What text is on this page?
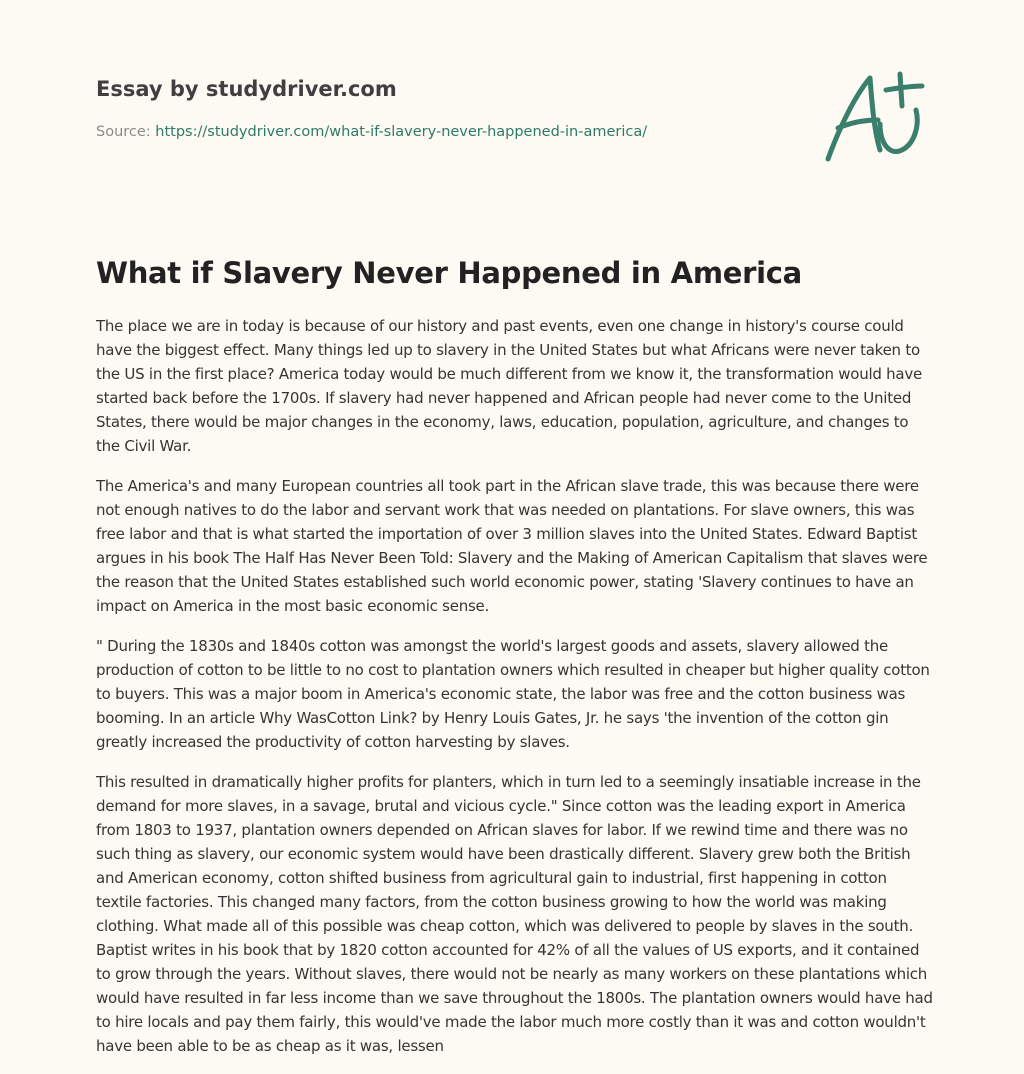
Essay by studydriver.com
Source: https://studydriver.com/what-if-slavery-never-happened-in-america/
A+
What if Slavery Never Happened in America

The place we are in today is because of our history and past events, even one change in history's course could have the biggest effect. Many things led up to slavery in the United States but what Africans were never taken to the US in the first place? America today would be much different from we know it, the transformation would have started back before the 1700s. If slavery had never happened and African people had never come to the United States, there would be major changes in the economy, laws, education, population, agriculture, and changes to the Civil War.

The America's and many European countries all took part in the African slave trade, this was because there were not enough natives to do the labor and servant work that was needed on plantations. For slave owners, this was free labor and that is what started the importation of over 3 million slaves into the United States. Edward Baptist argues in his book The Half Has Never Been Told: Slavery and the Making of American Capitalism that slaves were the reason that the United States established such world economic power, stating 'Slavery continues to have an impact on America in the most basic economic sense.

" During the 1830s and 1840s cotton was amongst the world's largest goods and assets, slavery allowed the production of cotton to be little to no cost to plantation owners which resulted in cheaper but higher quality cotton to buyers. This was a major boom in America's economic state, the labor was free and the cotton business was booming. In an article Why WasCotton Link? by Henry Louis Gates, Jr. he says 'the invention of the cotton gin greatly increased the productivity of cotton harvesting by slaves.

This resulted in dramatically higher profits for planters, which in turn led to a seemingly insatiable increase in the demand for more slaves, in a savage, brutal and vicious cycle." Since cotton was the leading export in America from 1803 to 1937, plantation owners depended on African slaves for labor. If we rewind time and there was no such thing as slavery, our economic system would have been drastically different. Slavery grew both the British and American economy, cotton shifted business from agricultural gain to industrial, first happening in cotton textile factories. This changed many factors, from the cotton business growing to how the world was making clothing. What made all of this possible was cheap cotton, which was delivered to people by slaves in the south. Baptist writes in his book that by 1820 cotton accounted for 42% of all the values of US exports, and it contained to grow through the years. Without slaves, there would not be nearly as many workers on these plantations which would have resulted in far less income than we save throughout the 1800s. The plantation owners would have had to hire locals and pay them fairly, this would've made the labor much more costly than it was and cotton wouldn't have been able to be as cheap as it was, lessen
